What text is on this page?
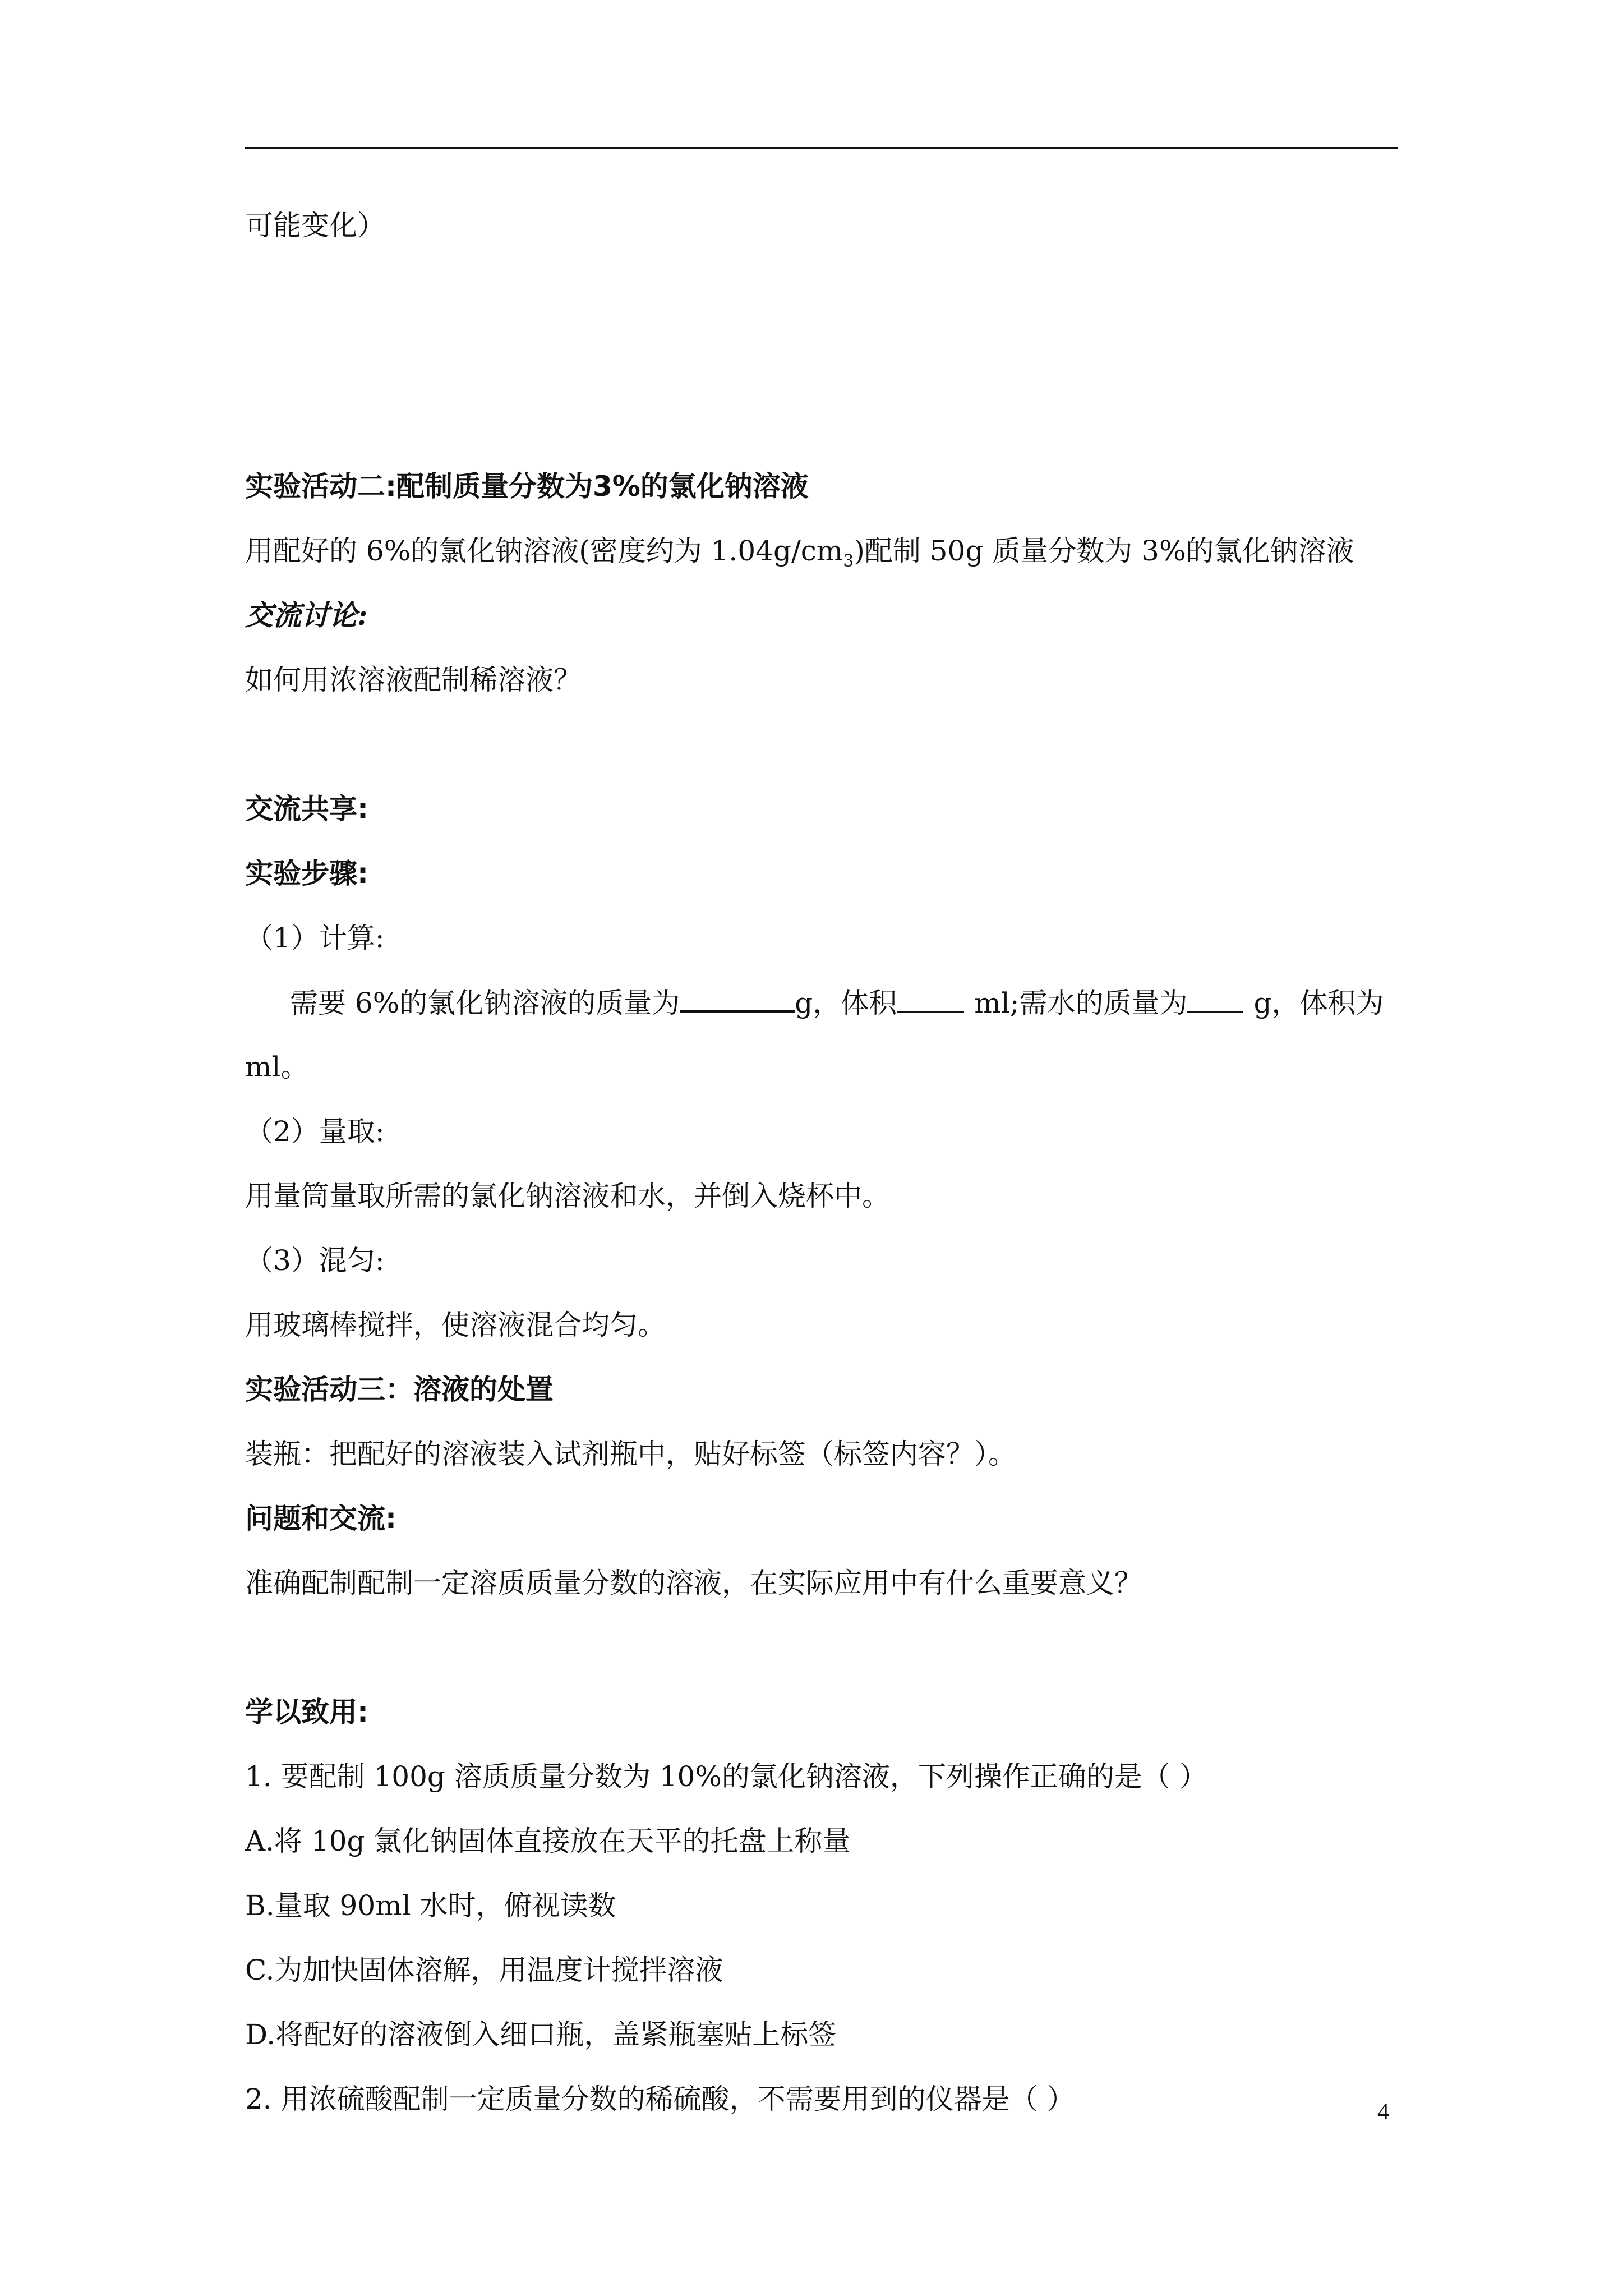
可能变化）
实验活动二:配制质量分数为3%的氯化钠溶液
用配好的 6%的氯化钠溶液(密度约为 $1.04g/cm_3$)配制 50g 质量分数为 3%的氯化钠溶液
交流讨论:
如何用浓溶液配制稀溶液？
交流共享:
实验步骤:
（1）计算:
需要 6%的氯化钠溶液的质量为	g，体积	ml;需水的质量为 g，体积为
ml。
（2）量取:
用量筒量取所需的氯化钠溶液和水，并倒入烧杯中。
（3）混匀:
用玻璃棒搅拌，使溶液混合均匀。
实验活动三：溶液的处置
装瓶：把配好的溶液装入试剂瓶中，贴好标签（标签内容？）。
问题和交流:
准确配制配制一定溶质质量分数的溶液，在实际应用中有什么重要意义？
学以致用:
1. 要配制 100g 溶质质量分数为 10%的氯化钠溶液，下列操作正确的是（ ）
A.将 10g 氯化钠固体直接放在天平的托盘上称量
B.量取 90ml 水时，俯视读数
C.为加快固体溶解，用温度计搅拌溶液
D.将配好的溶液倒入细口瓶，盖紧瓶塞贴上标签
2. 用浓硫酸配制一定质量分数的稀硫酸，不需要用到的仪器是（ ）	4
